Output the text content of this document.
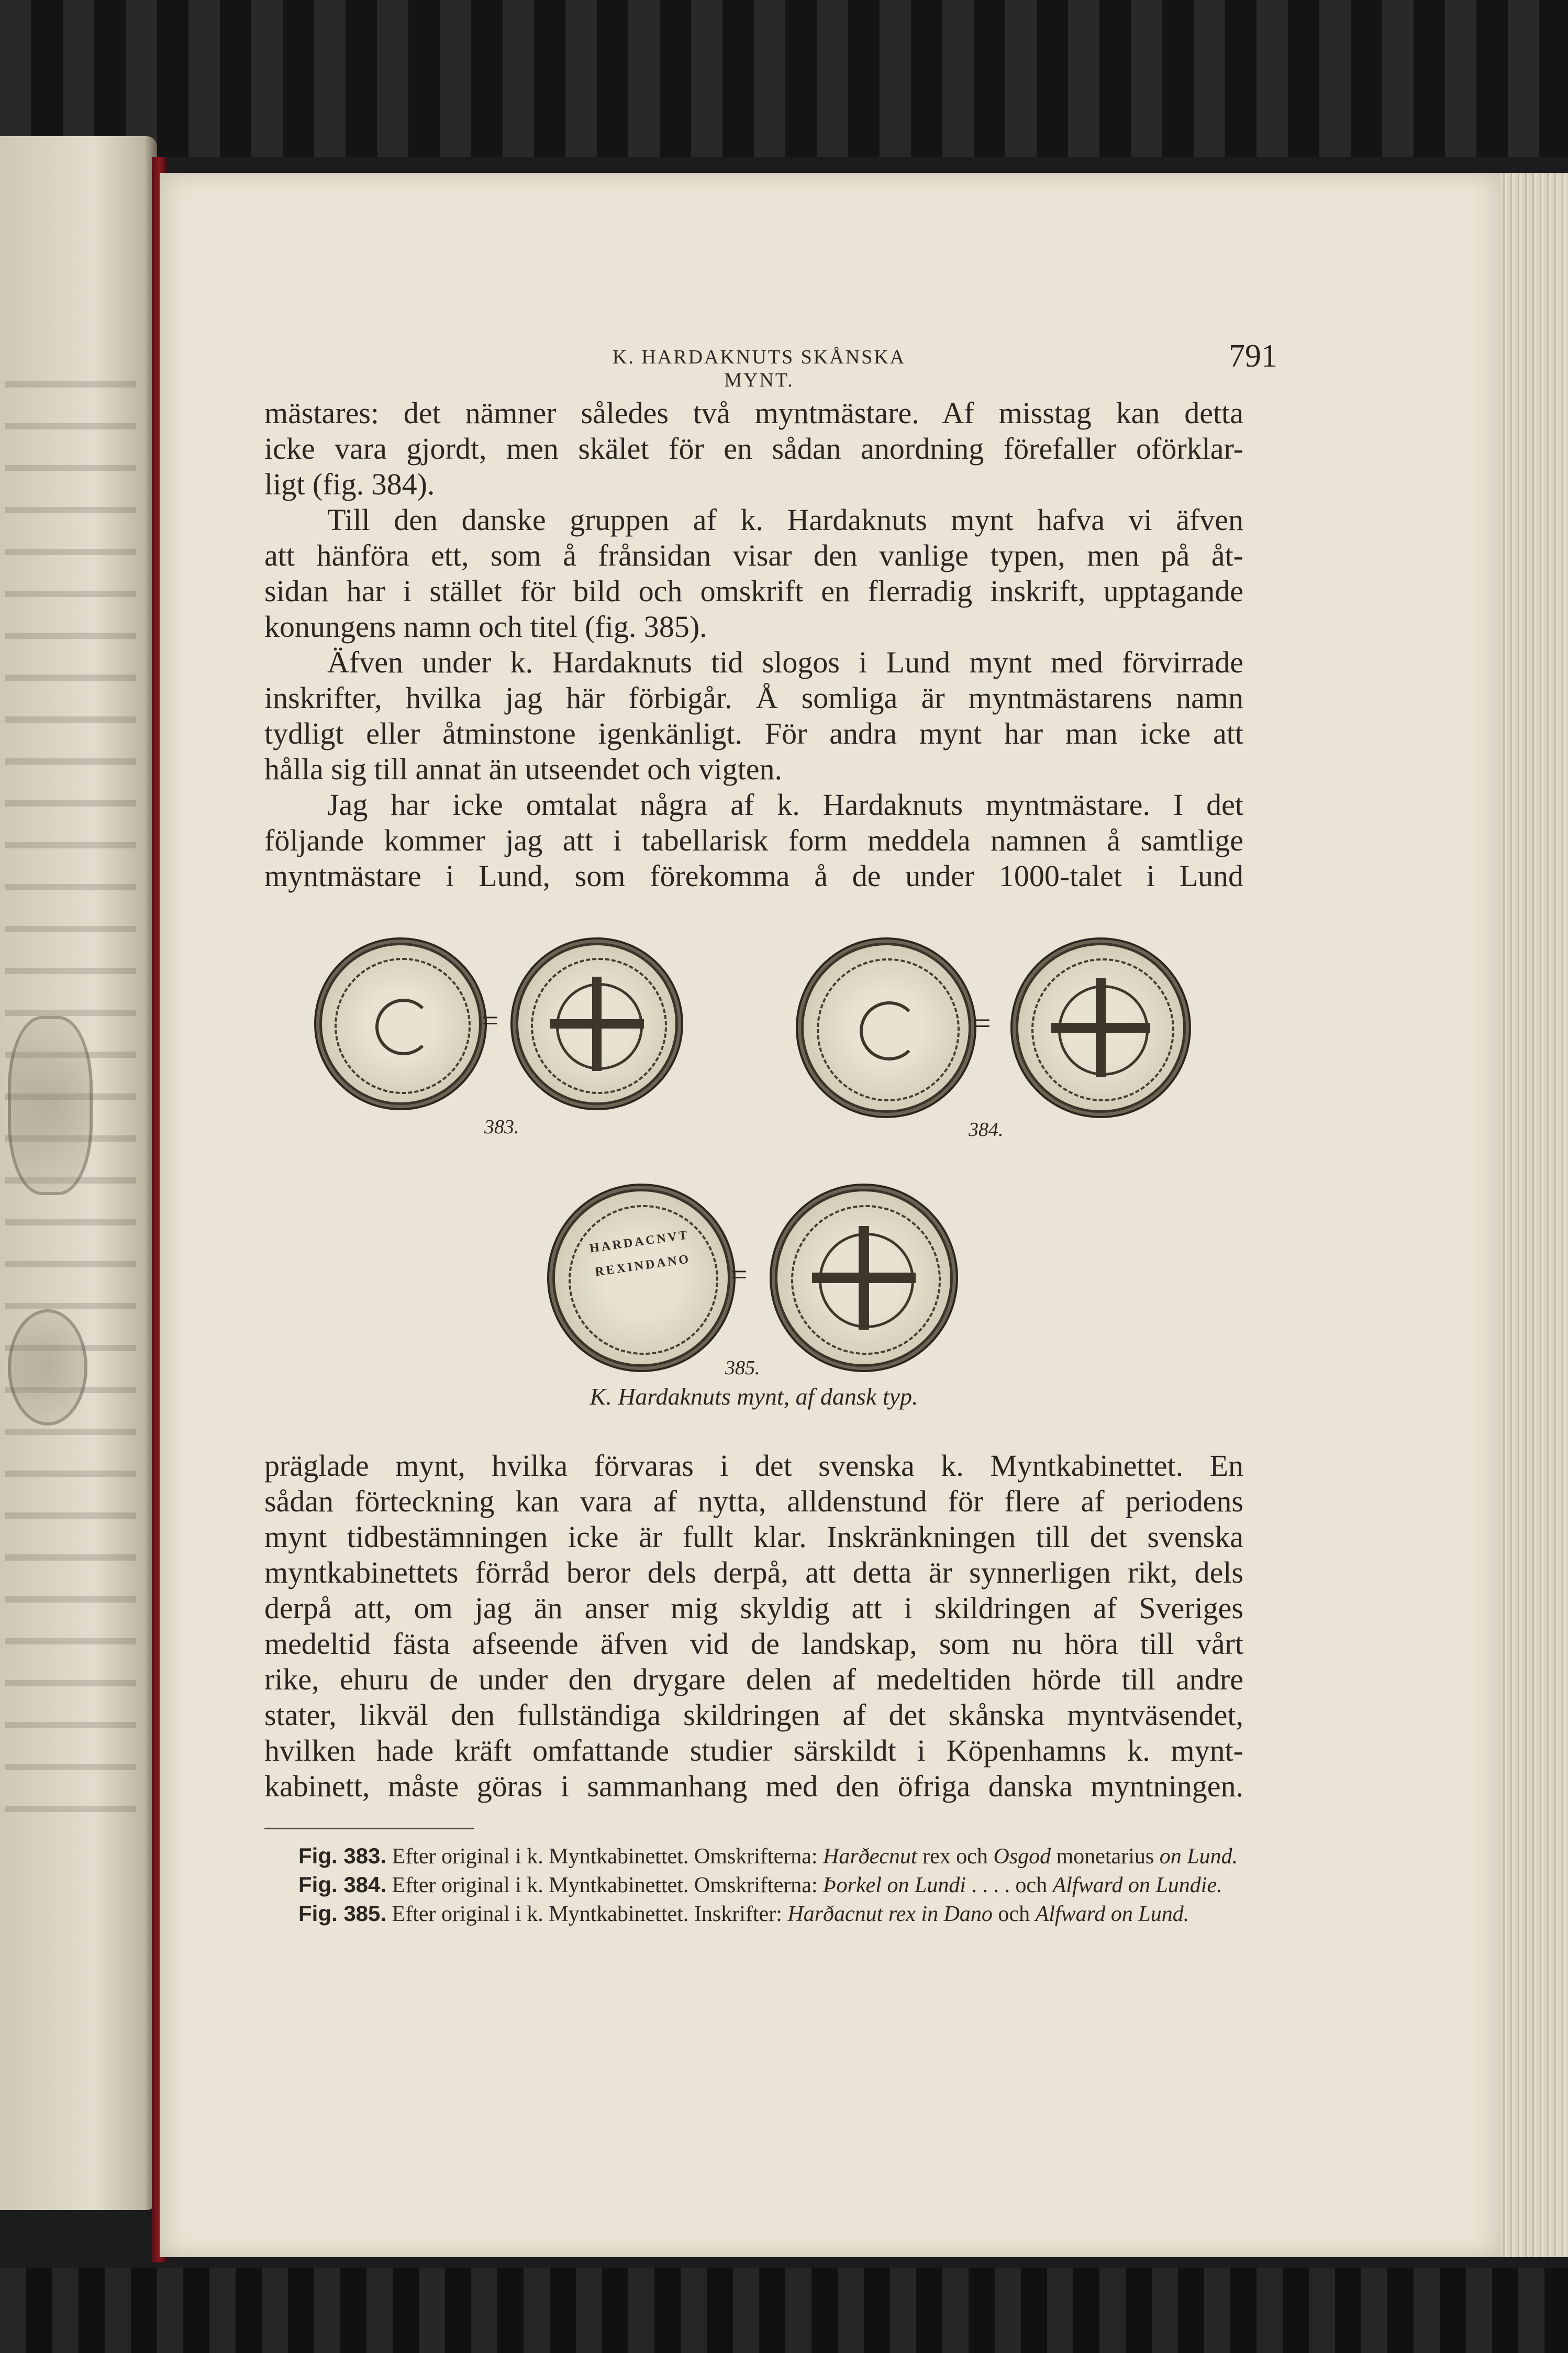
K. HARDAKNUTS SKÅNSKA MYNT.
791
mästares: det nämner således två myntmästare. Af misstag kan detta
icke vara gjordt, men skälet för en sådan anordning förefaller oförklar-
ligt (fig. 384).
Till den danske gruppen af k. Hardaknuts mynt hafva vi äfven
att hänföra ett, som å frånsidan visar den vanlige typen, men på åt-
sidan har i stället för bild och omskrift en flerradig inskrift, upptagande
konungens namn och titel (fig. 385).
Äfven under k. Hardaknuts tid slogos i Lund mynt med förvirrade
inskrifter, hvilka jag här förbigår. Å somliga är myntmästarens namn
tydligt eller åtminstone igenkänligt. För andra mynt har man icke att
hålla sig till annat än utseendet och vigten.
Jag har icke omtalat några af k. Hardaknuts myntmästare. I det
följande kommer jag att i tabellarisk form meddela namnen å samtlige
myntmästare i Lund, som förekomma å de under 1000-talet i Lund
=
383.
=
384.
HARDACNVTREXINDANO =
385.
K. Hardaknuts mynt, af dansk typ.
präglade mynt, hvilka förvaras i det svenska k. Myntkabinettet. En
sådan förteckning kan vara af nytta, alldenstund för flere af periodens
mynt tidbestämningen icke är fullt klar. Inskränkningen till det svenska
myntkabinettets förråd beror dels derpå, att detta är synnerligen rikt, dels
derpå att, om jag än anser mig skyldig att i skildringen af Sveriges
medeltid fästa afseende äfven vid de landskap, som nu höra till vårt
rike, ehuru de under den drygare delen af medeltiden hörde till andre
stater, likväl den fullständiga skildringen af det skånska myntväsendet,
hvilken hade kräft omfattande studier särskildt i Köpenhamns k. mynt-
kabinett, måste göras i sammanhang med den öfriga danska myntningen.
Fig. 383. Efter original i k. Myntkabinettet. Omskrifterna: Harðecnut rex och Osgod monetarius on Lund.
Fig. 384. Efter original i k. Myntkabinettet. Omskrifterna: Þorkel on Lundi . . . . och Alfward on Lundie.
Fig. 385. Efter original i k. Myntkabinettet. Inskrifter: Harðacnut rex in Dano och Alfward on Lund.
